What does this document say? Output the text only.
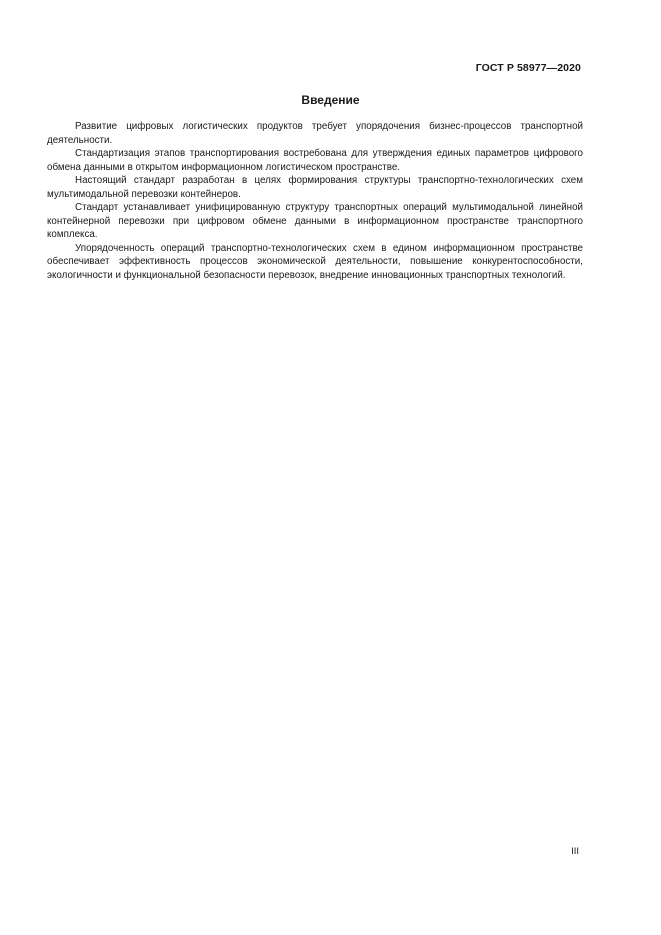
ГОСТ Р 58977—2020
Введение

Развитие цифровых логистических продуктов требует упорядочения бизнес-процессов транспортной деятельности.

Стандартизация этапов транспортирования востребована для утверждения единых параметров цифрового обмена данными в открытом информационном логистическом пространстве.

Настоящий стандарт разработан в целях формирования структуры транспортно-технологических схем мультимодальной перевозки контейнеров.

Стандарт устанавливает унифицированную структуру транспортных операций мультимодальной линейной контейнерной перевозки при цифровом обмене данными в информационном пространстве транспортного комплекса.

Упорядоченность операций транспортно-технологических схем в едином информационном пространстве обеспечивает эффективность процессов экономической деятельности, повышение конкурентоспособности, экологичности и функциональной безопасности перевозок, внедрение инновационных транспортных технологий.

III
